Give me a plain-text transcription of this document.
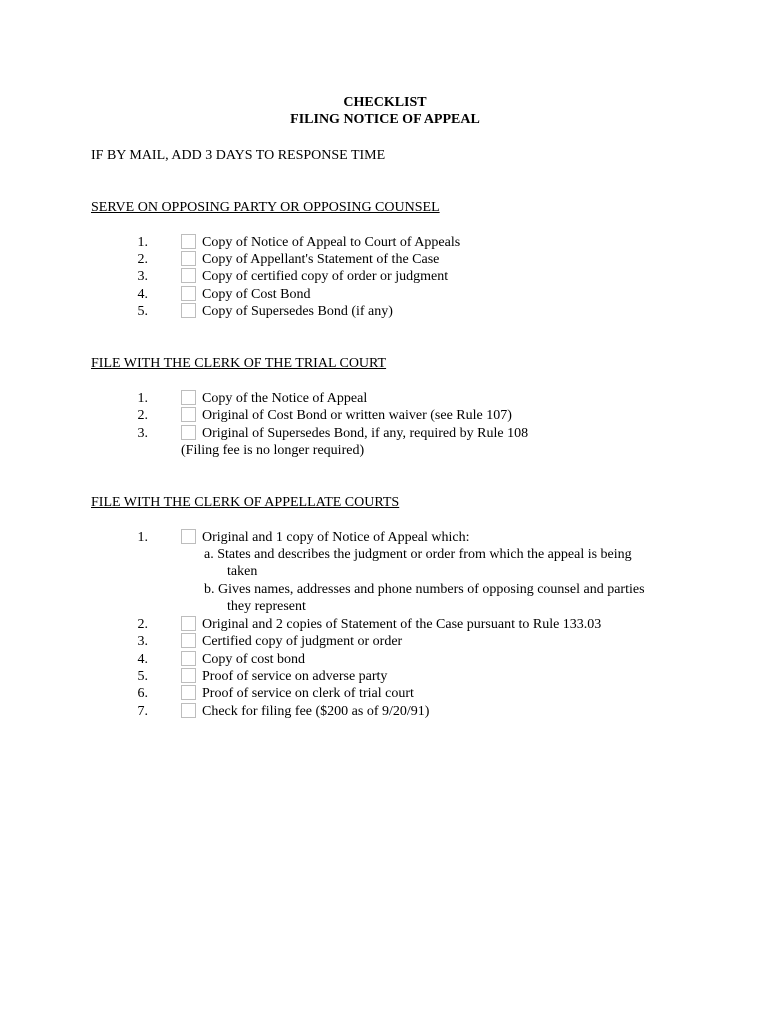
CHECKLIST
FILING NOTICE OF APPEAL
IF BY MAIL, ADD 3 DAYS TO RESPONSE TIME
SERVE ON OPPOSING PARTY OR OPPOSING COUNSEL
1.	Copy of Notice of Appeal to Court of Appeals
2.	Copy of Appellant's Statement of the Case
3.	Copy of certified copy of order or judgment
4.	Copy of Cost Bond
5.	Copy of Supersedes Bond (if any)
FILE WITH THE CLERK OF THE TRIAL COURT
1.	Copy of the Notice of Appeal
2.	Original of Cost Bond or written waiver (see Rule 107)
3.	Original of Supersedes Bond, if any, required by Rule 108
(Filing fee is no longer required)
FILE WITH THE CLERK OF APPELLATE COURTS
1.	Original and 1 copy of Notice of Appeal which:
a. States and describes the judgment or order from which the appeal is being
taken
b. Gives names, addresses and phone numbers of opposing counsel and parties
they represent
2.	Original and 2 copies of Statement of the Case pursuant to Rule 133.03
3.	Certified copy of judgment or order
4.	Copy of cost bond
5.	Proof of service on adverse party
6.	Proof of service on clerk of trial court
7.	Check for filing fee ($200 as of 9/20/91)
